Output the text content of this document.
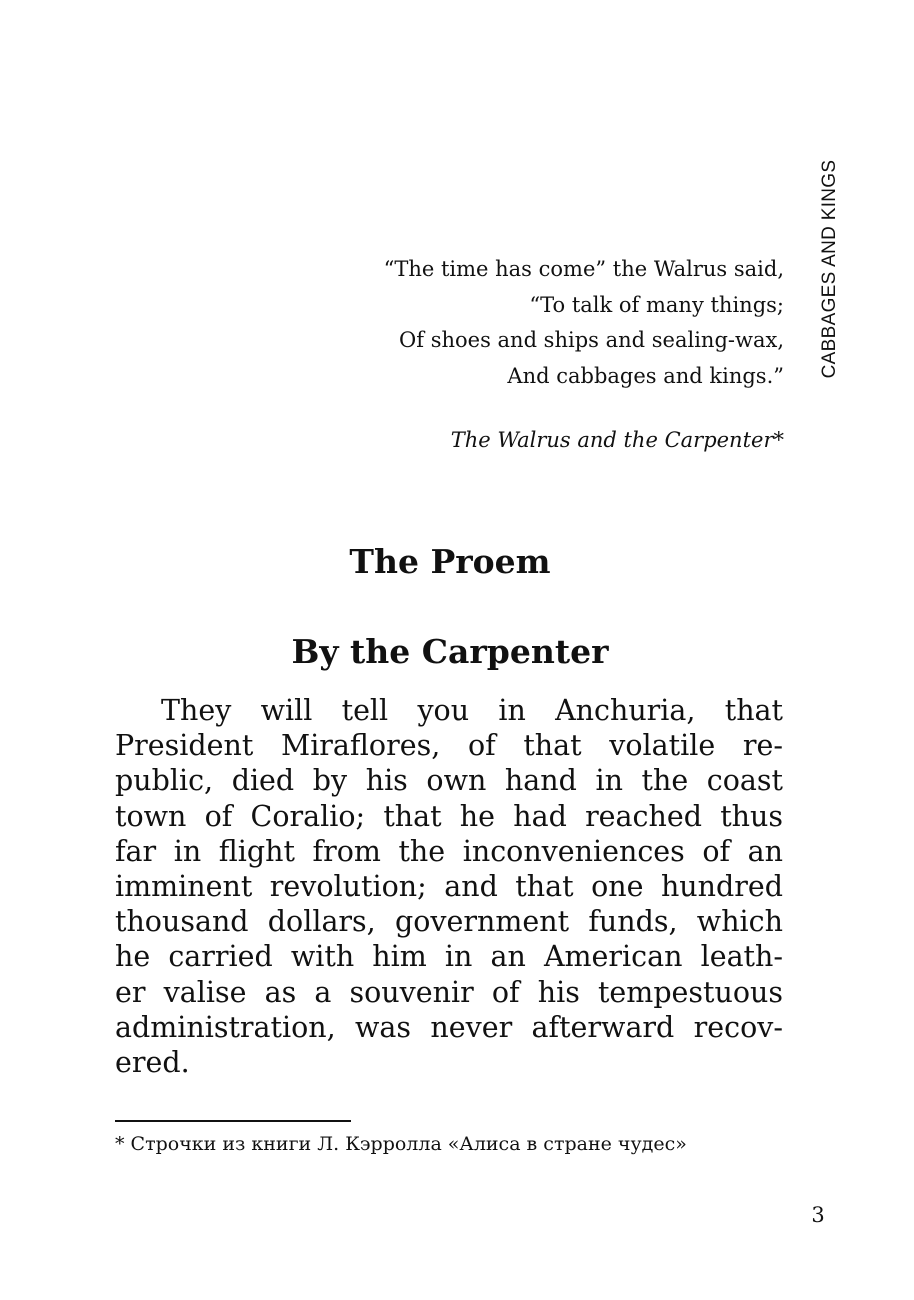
CABBAGES AND KINGS
“The time has come” the Walrus said,
“To talk of many things;
Of shoes and ships and sealing-wax,
And cabbages and kings.”
The Walrus and the Carpenter*
The Proem
By the Carpenter
They will tell you in Anchuria, that
President Miraflores, of that volatile re-
public, died by his own hand in the coast
town of Coralio; that he had reached thus
far in flight from the inconveniences of an
imminent revolution; and that one hundred
thousand dollars, government funds, which
he carried with him in an American leath-
er valise as a souvenir of his tempestuous
administration, was never afterward recov-
ered.
* Строчки из книги Л. Кэрролла «Алиса в стране чудес»
3
